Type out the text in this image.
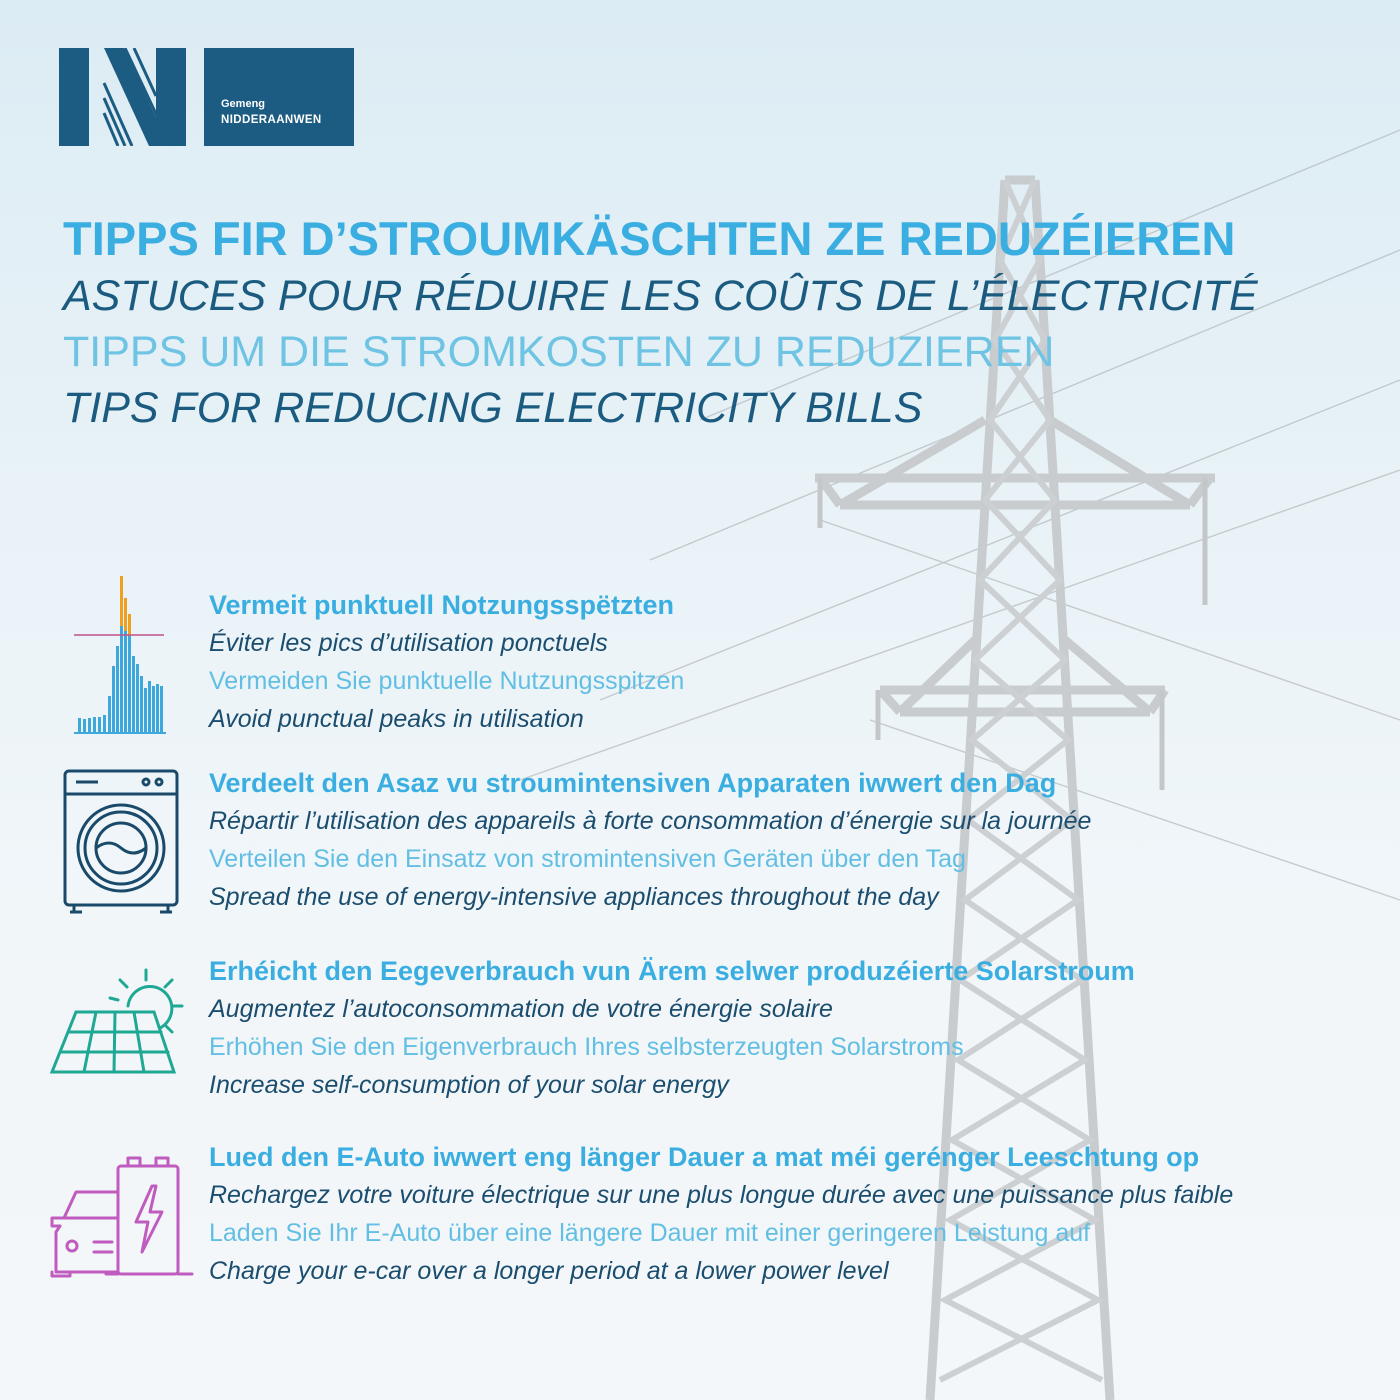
Gemeng
NIDDERAANWEN
TIPPS FIR D’STROUMKÄSCHTEN ZE REDUZÉIEREN
ASTUCES POUR RÉDUIRE LES COÛTS DE L’ÉLECTRICITÉ
TIPPS UM DIE STROMKOSTEN ZU REDUZIEREN
TIPS FOR REDUCING ELECTRICITY BILLS
Vermeit punktuell Notzungsspëtzten
Éviter les pics d’utilisation ponctuels
Vermeiden Sie punktuelle Nutzungsspitzen
Avoid punctual peaks in utilisation
Verdeelt den Asaz vu stroumintensiven Apparaten iwwert den Dag
Répartir l’utilisation des appareils à forte consommation d’énergie sur la journée
Verteilen Sie den Einsatz von stromintensiven Geräten über den Tag
Spread the use of energy-intensive appliances throughout the day
Erhéicht den Eegeverbrauch vun Ärem selwer produzéierte Solarstroum
Augmentez l’autoconsommation de votre énergie solaire
Erhöhen Sie den Eigenverbrauch Ihres selbsterzeugten Solarstroms
Increase self-consumption of your solar energy
Lued den E-Auto iwwert eng länger Dauer a mat méi gerénger Leeschtung op
Rechargez votre voiture électrique sur une plus longue durée avec une puissance plus faible
Laden Sie Ihr E-Auto über eine längere Dauer mit einer geringeren Leistung auf
Charge your e-car over a longer period at a lower power level
